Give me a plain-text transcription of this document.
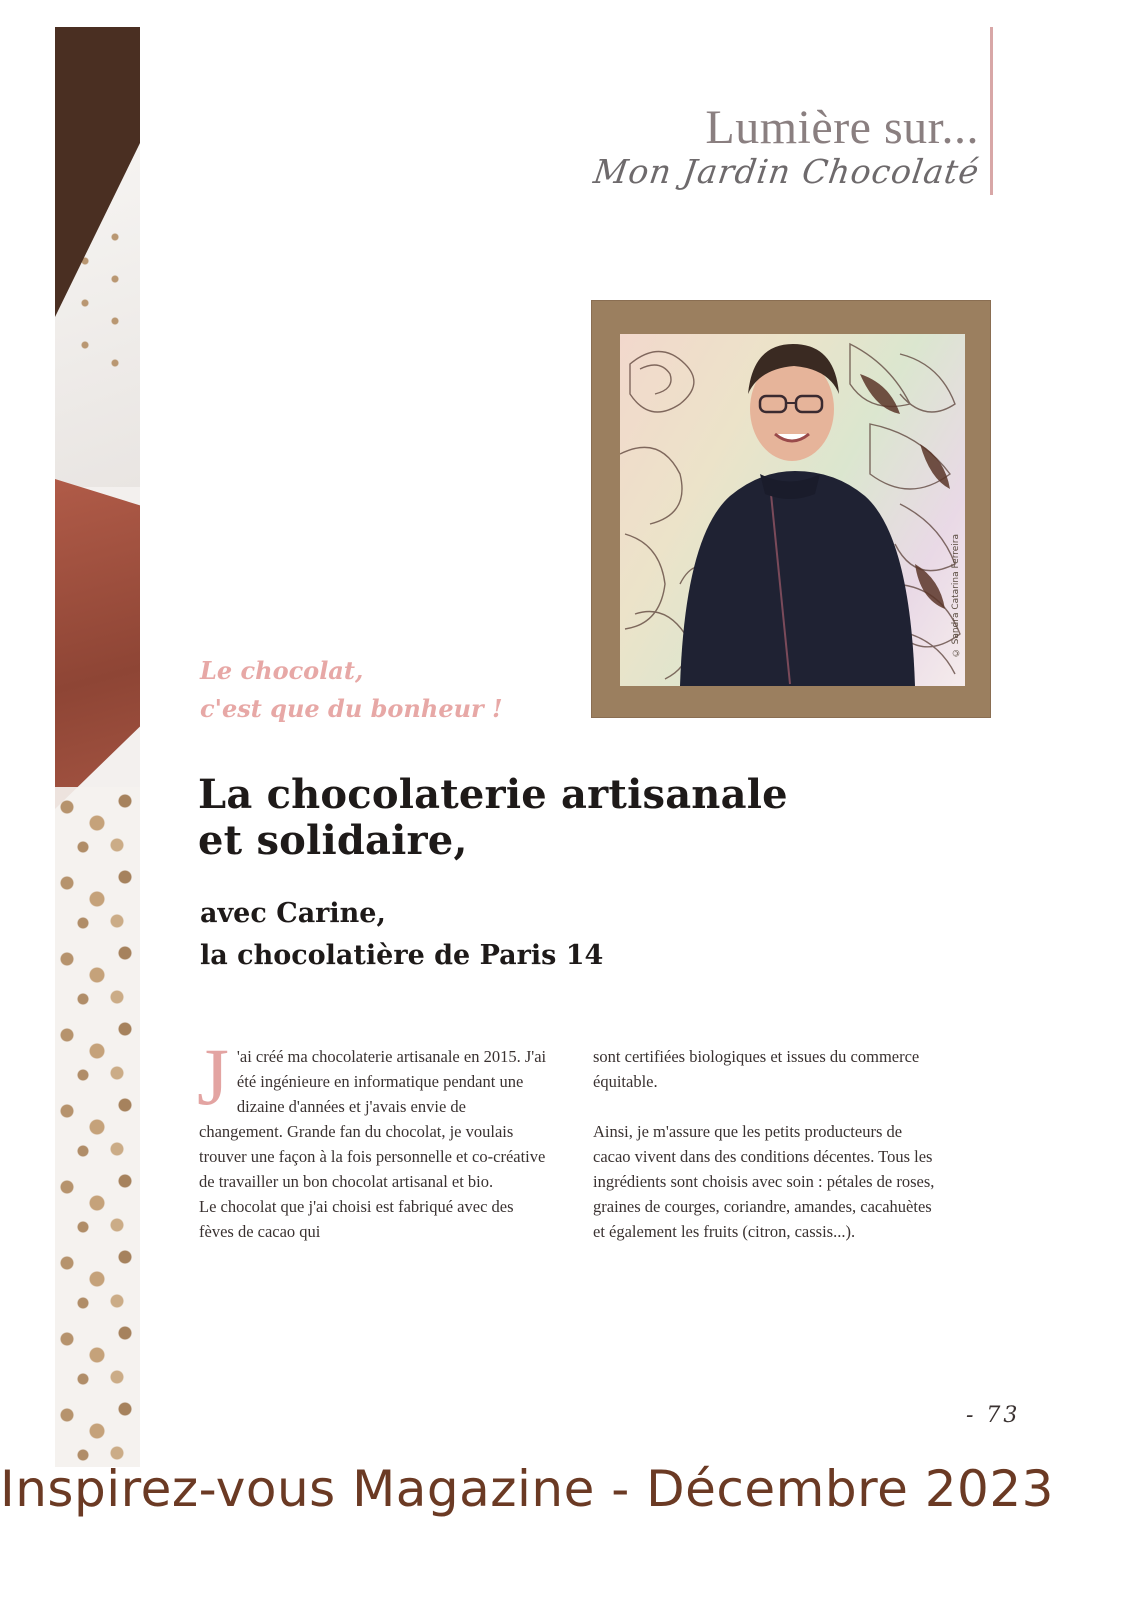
Lumière sur...
Mon Jardin Chocolaté
© Sandra Catarina Ferreira
Le chocolat,
c'est que du bonheur !
La chocolaterie artisanale
et solidaire,
avec Carine,
la chocolatière de Paris 14
J 'ai créé ma chocolaterie artisanale en 2015. J'ai été ingénieure en informatique pendant une dizaine d'années et j'avais envie de changement. Grande fan du chocolat, je voulais trouver une façon à la fois personnelle et co-créative de travailler un bon chocolat artisanal et bio.
Le chocolat que j'ai choisi est fabriqué avec des fèves de cacao qui
sont certifiées biologiques et issues du commerce équitable.
Ainsi, je m'assure que les petits producteurs de cacao vivent dans des conditions décentes. Tous les ingrédients sont choisis avec soin : pétales de roses, graines de courges, coriandre, amandes, cacahuètes et également les fruits (citron, cassis...).
- 73
Inspirez-vous Magazine - Décembre 2023
